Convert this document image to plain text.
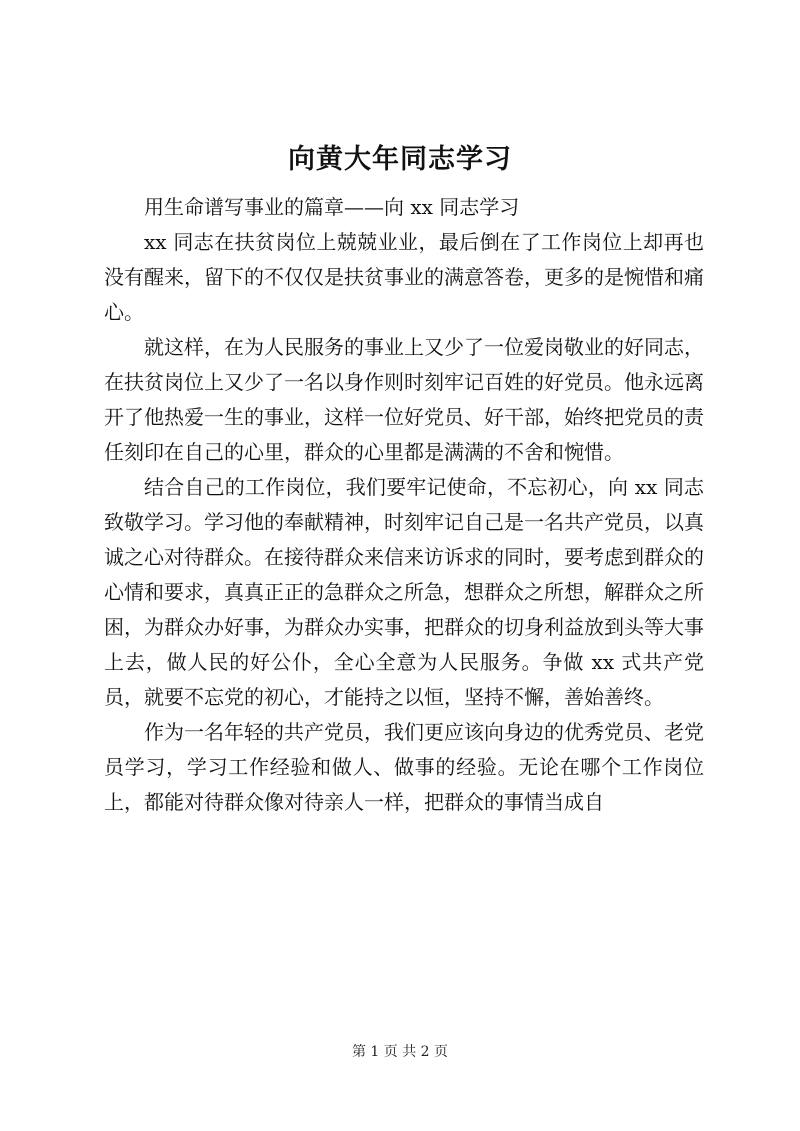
向黄大年同志学习

用生命谱写事业的篇章——向 xx 同志学习

xx 同志在扶贫岗位上兢兢业业，最后倒在了工作岗位上却再也没有醒来，留下的不仅仅是扶贫事业的满意答卷，更多的是惋惜和痛心。

就这样，在为人民服务的事业上又少了一位爱岗敬业的好同志，在扶贫岗位上又少了一名以身作则时刻牢记百姓的好党员。他永远离开了他热爱一生的事业，这样一位好党员、好干部，始终把党员的责任刻印在自己的心里，群众的心里都是满满的不舍和惋惜。

结合自己的工作岗位，我们要牢记使命，不忘初心，向 xx 同志致敬学习。学习他的奉献精神，时刻牢记自己是一名共产党员，以真诚之心对待群众。在接待群众来信来访诉求的同时，要考虑到群众的心情和要求，真真正正的急群众之所急，想群众之所想，解群众之所困，为群众办好事，为群众办实事，把群众的切身利益放到头等大事上去，做人民的好公仆，全心全意为人民服务。争做 xx 式共产党员，就要不忘党的初心，才能持之以恒，坚持不懈，善始善终。

作为一名年轻的共产党员，我们更应该向身边的优秀党员、老党员学习，学习工作经验和做人、做事的经验。无论在哪个工作岗位上，都能对待群众像对待亲人一样，把群众的事情当成自

第 1 页 共 2 页
